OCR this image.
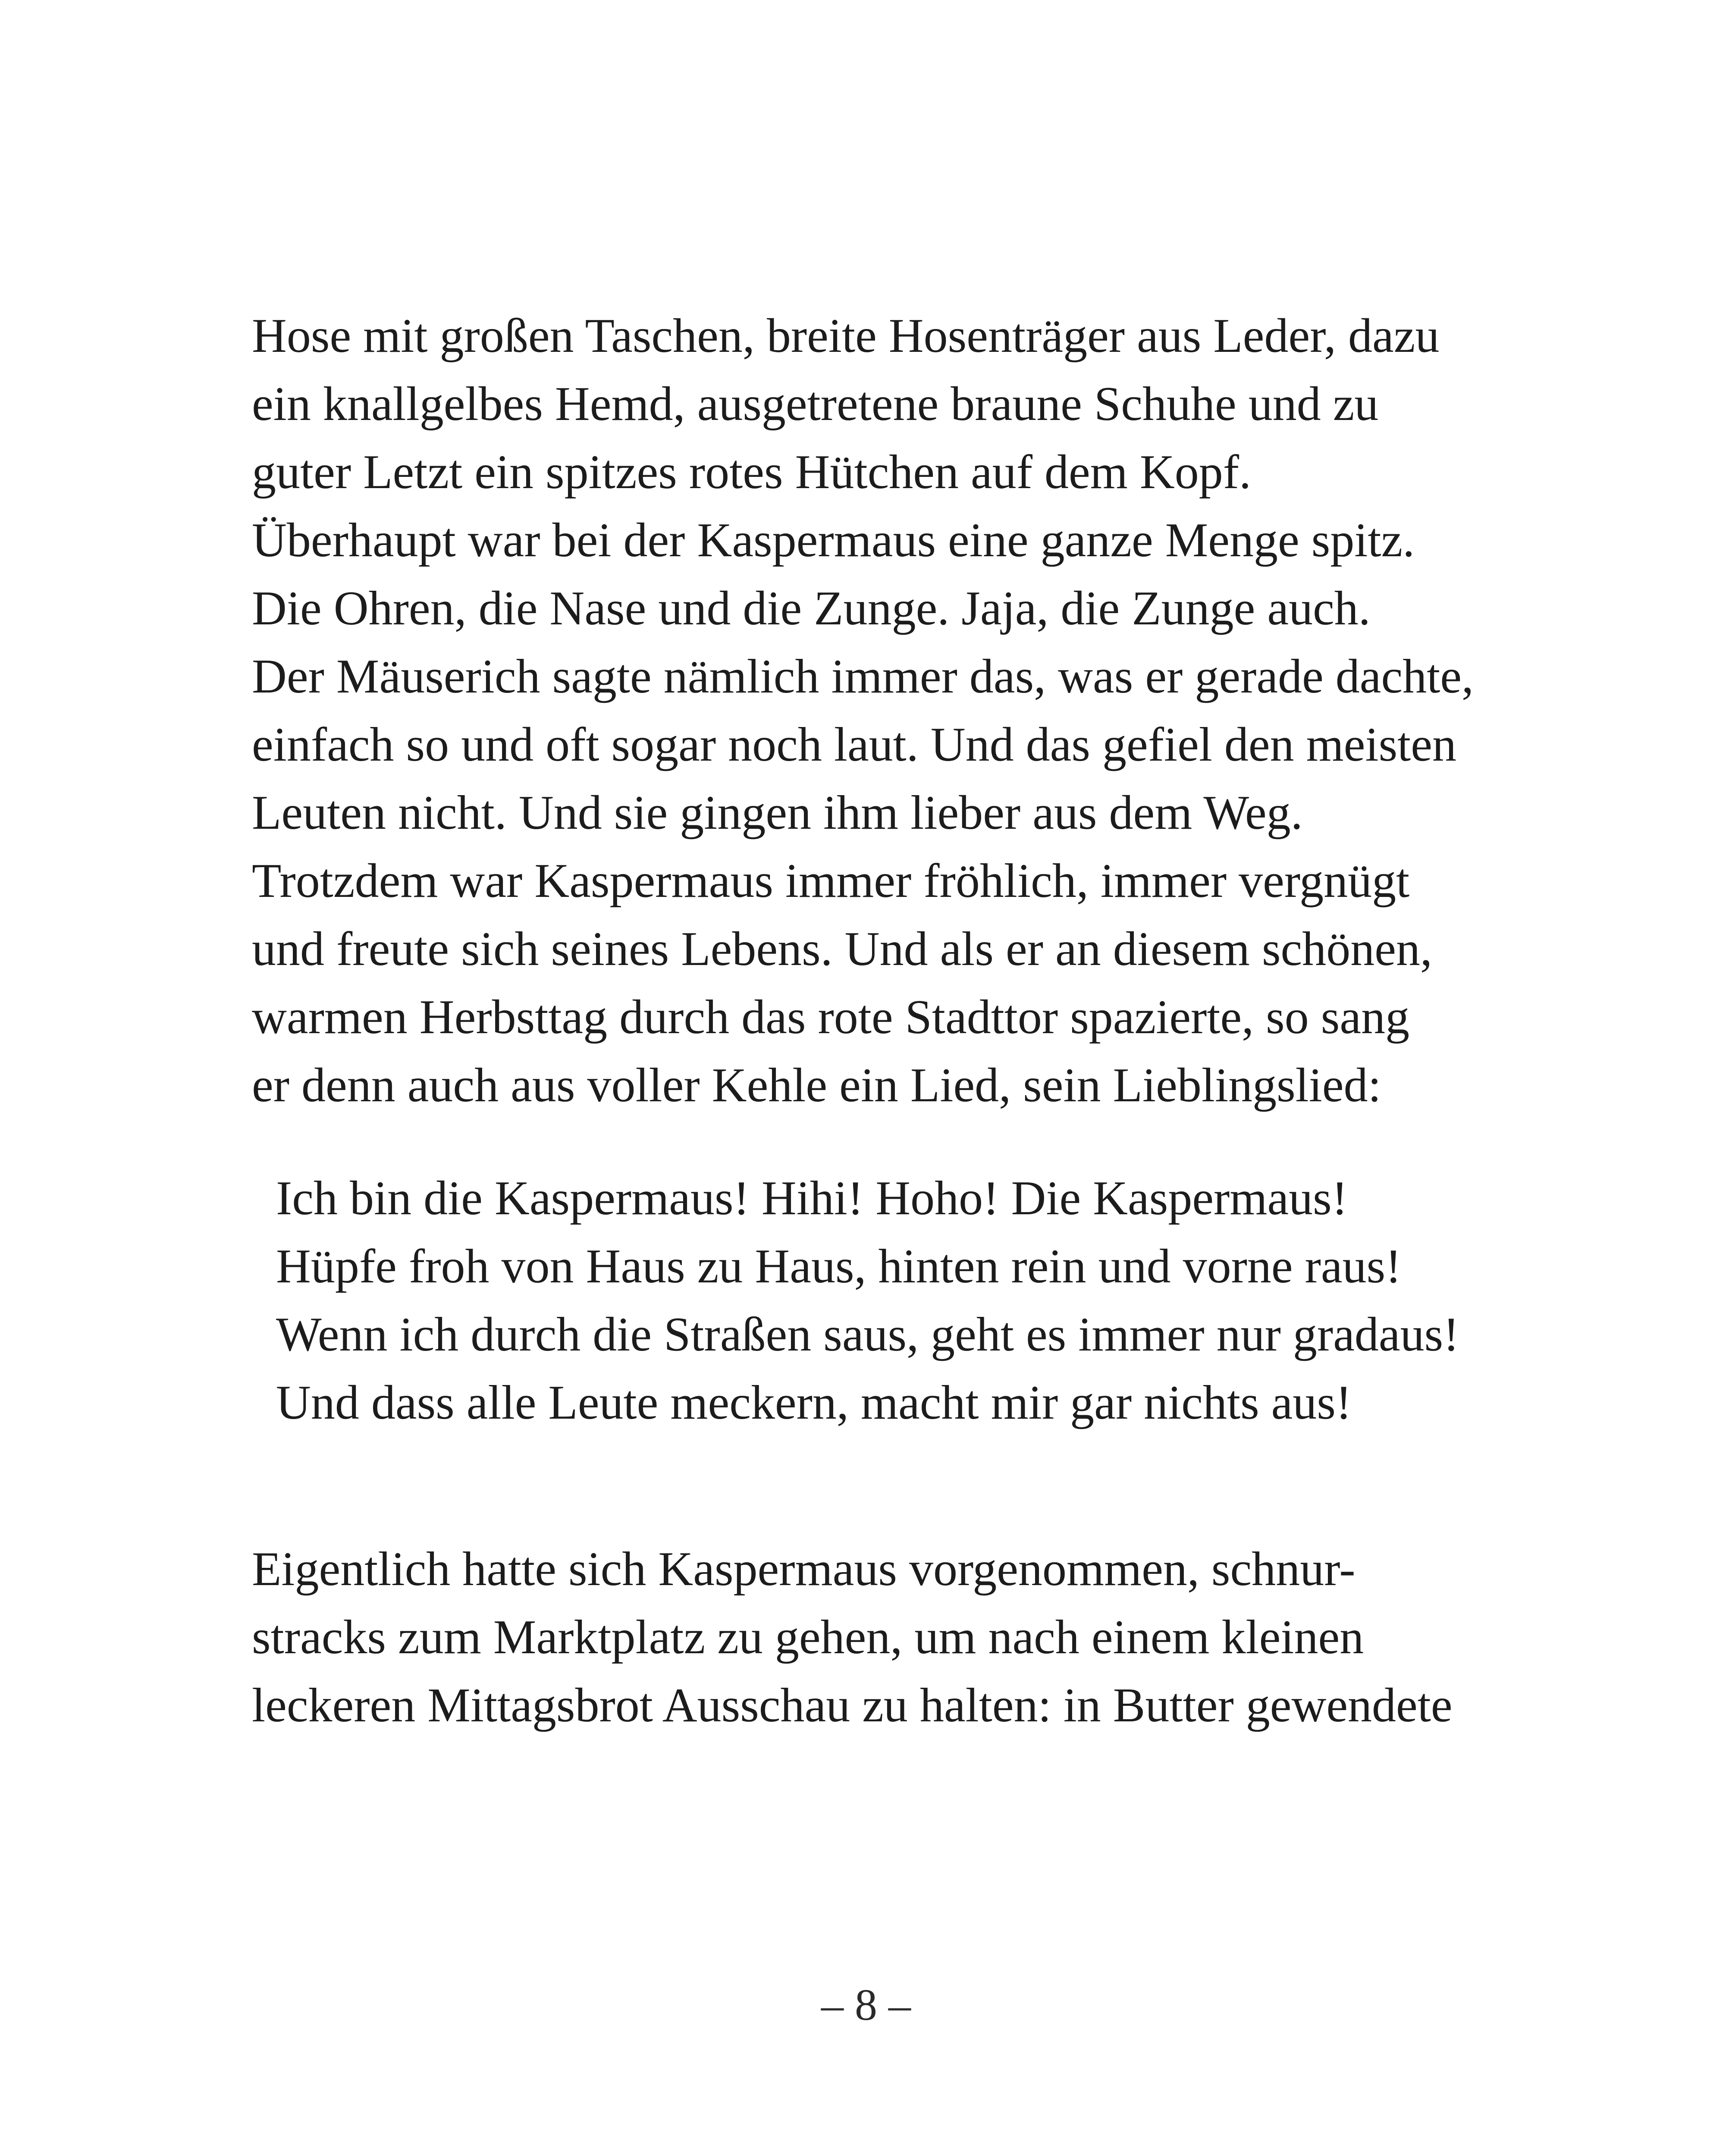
Hose mit großen Taschen, breite Hosenträger aus Leder, dazu
ein knallgelbes Hemd, ausgetretene braune Schuhe und zu
guter Letzt ein spitzes rotes Hütchen auf dem Kopf.
Überhaupt war bei der Kaspermaus eine ganze Menge spitz.
Die Ohren, die Nase und die Zunge. Jaja, die Zunge auch.
Der Mäuserich sagte nämlich immer das, was er gerade dachte,
einfach so und oft sogar noch laut. Und das gefiel den meisten
Leuten nicht. Und sie gingen ihm lieber aus dem Weg.
Trotzdem war Kaspermaus immer fröhlich, immer vergnügt
und freute sich seines Lebens. Und als er an diesem schönen,
warmen Herbsttag durch das rote Stadttor spazierte, so sang
er denn auch aus voller Kehle ein Lied, sein Lieblingslied:
Ich bin die Kaspermaus! Hihi! Hoho! Die Kaspermaus!
Hüpfe froh von Haus zu Haus, hinten rein und vorne raus!
Wenn ich durch die Straßen saus, geht es immer nur gradaus!
Und dass alle Leute meckern, macht mir gar nichts aus!
Eigentlich hatte sich Kaspermaus vorgenommen, schnur-
stracks zum Marktplatz zu gehen, um nach einem kleinen
leckeren Mittagsbrot Ausschau zu halten: in Butter gewendete
– 8 –
